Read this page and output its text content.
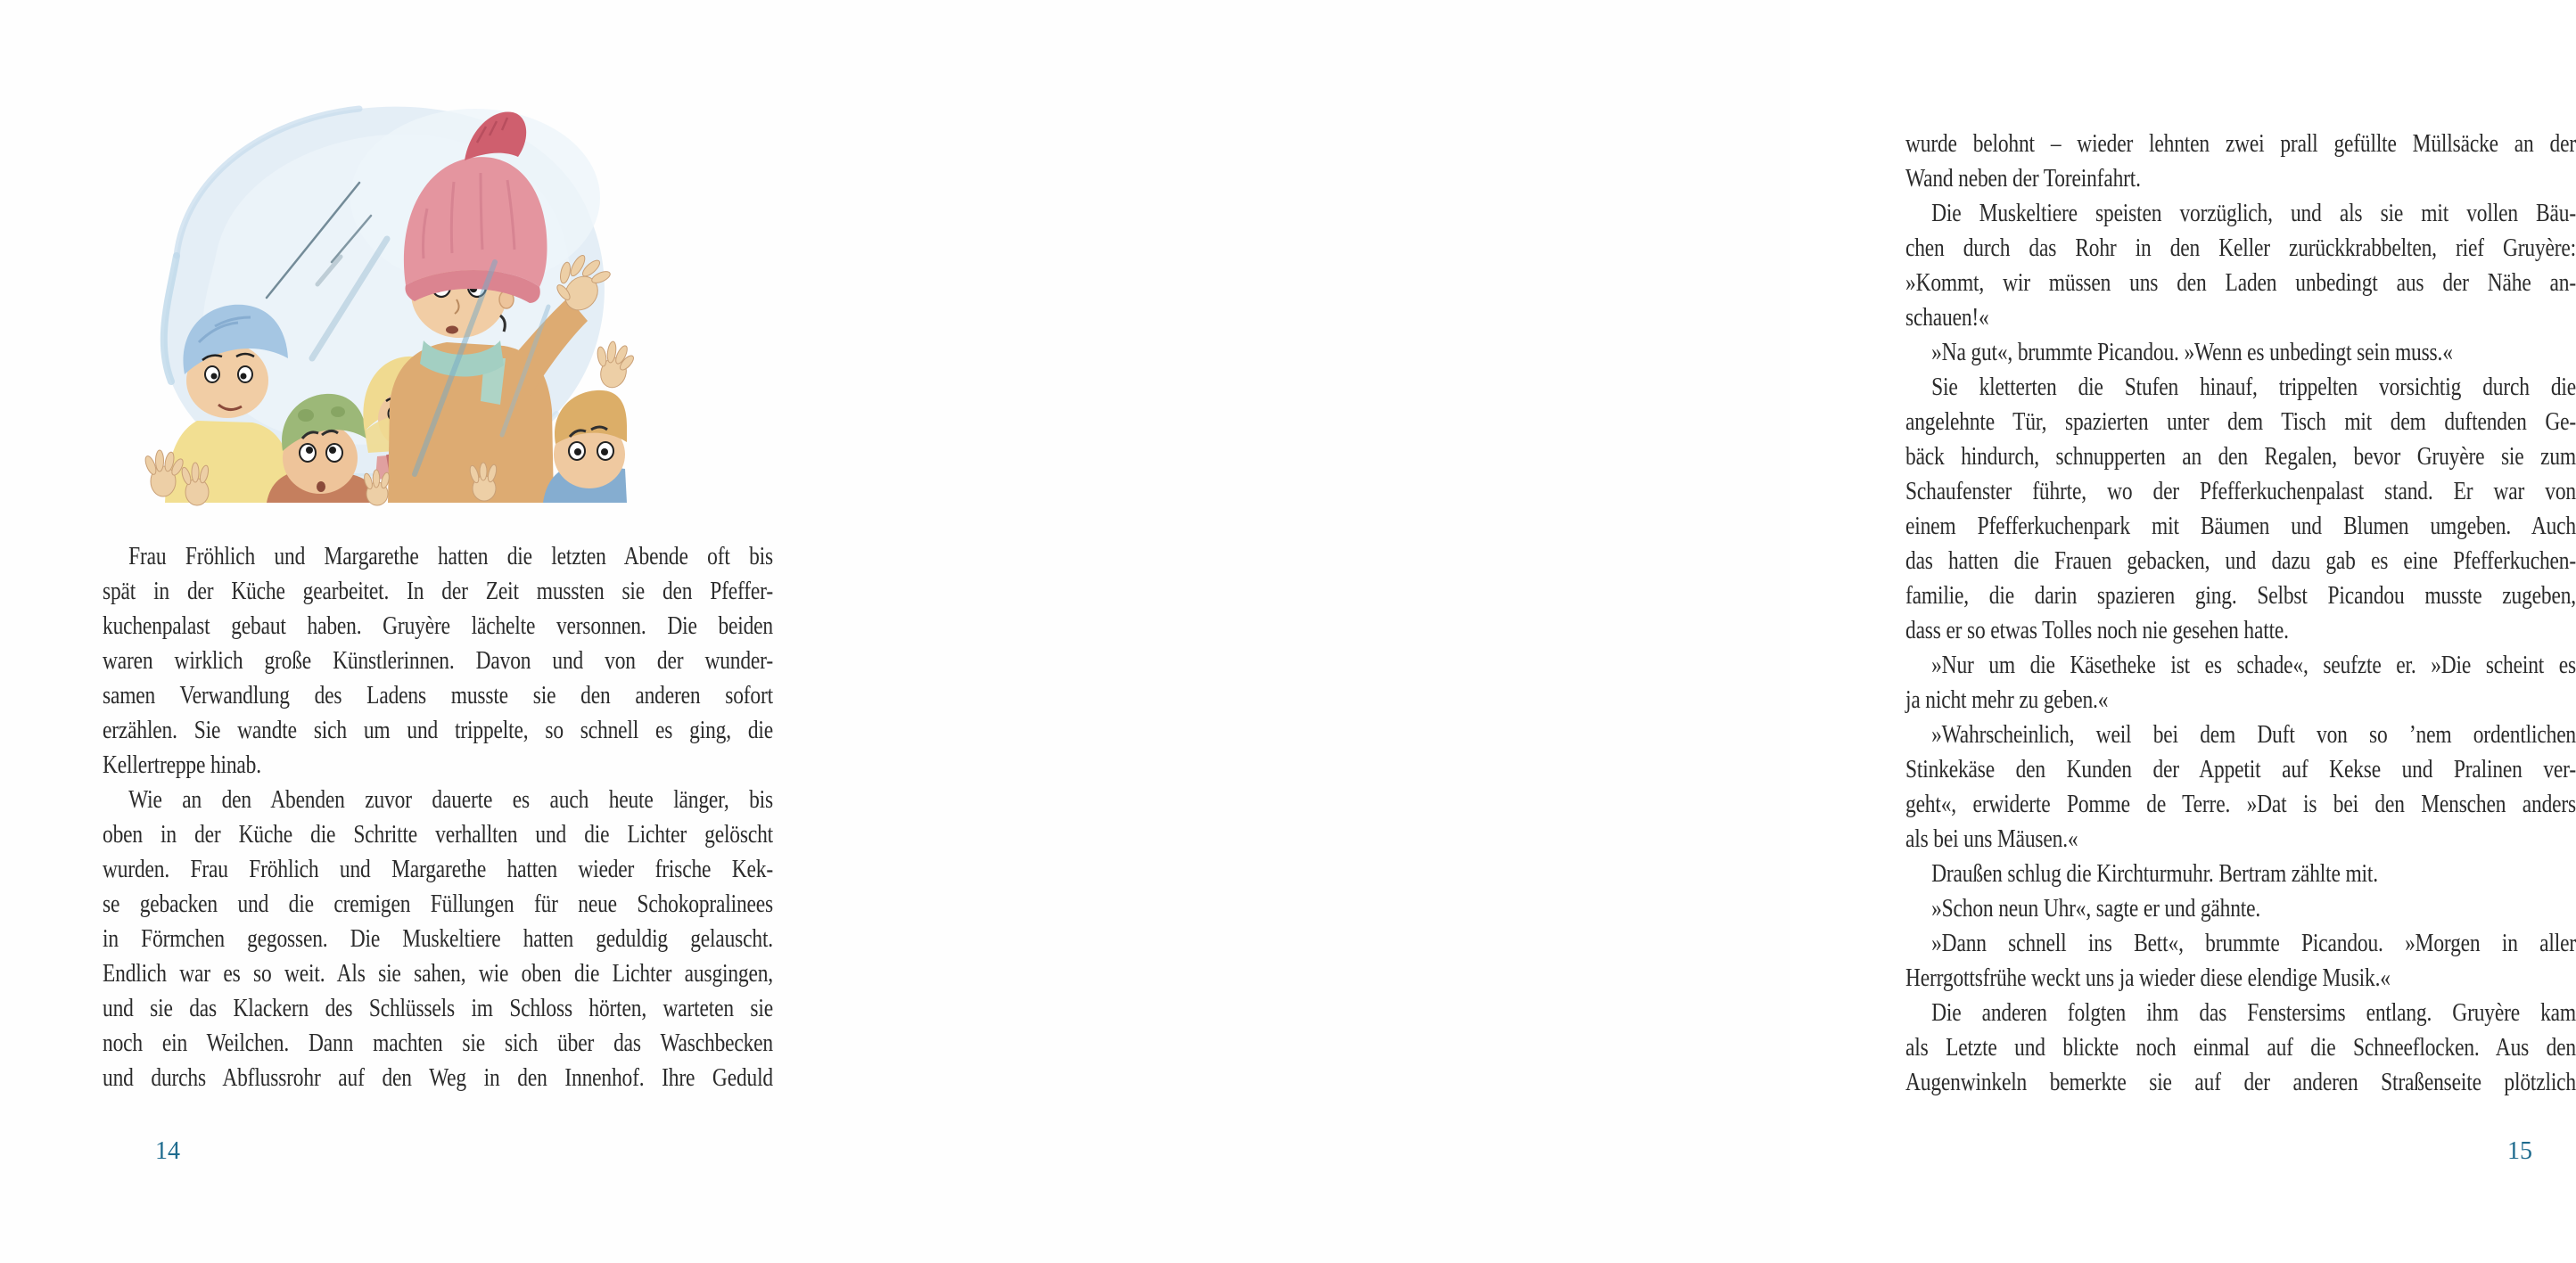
Frau Fröhlich und Margarethe hatten die letzten Abende oft bis
spät in der Küche gearbeitet. In der Zeit mussten sie den Pfeffer-
kuchenpalast gebaut haben. Gruyère lächelte versonnen. Die beiden
waren wirklich große Künstlerinnen. Davon und von der wunder-
samen Verwandlung des Ladens musste sie den anderen sofort
erzählen. Sie wandte sich um und trippelte, so schnell es ging, die
Kellertreppe hinab.
Wie an den Abenden zuvor dauerte es auch heute länger, bis
oben in der Küche die Schritte verhallten und die Lichter gelöscht
wurden. Frau Fröhlich und Margarethe hatten wieder frische Kek-
se gebacken und die cremigen Füllungen für neue Schokopralinees
in Förmchen gegossen. Die Muskeltiere hatten geduldig gelauscht.
Endlich war es so weit. Als sie sahen, wie oben die Lichter ausgingen,
und sie das Klackern des Schlüssels im Schloss hörten, warteten sie
noch ein Weilchen. Dann machten sie sich über das Waschbecken
und durchs Abflussrohr auf den Weg in den Innenhof. Ihre Geduld
14
wurde belohnt – wieder lehnten zwei prall gefüllte Müllsäcke an der
Wand neben der Toreinfahrt.
Die Muskeltiere speisten vorzüglich, und als sie mit vollen Bäu-
chen durch das Rohr in den Keller zurückkrabbelten, rief Gruyère:
»Kommt, wir müssen uns den Laden unbedingt aus der Nähe an-
schauen!«
»Na gut«, brummte Picandou. »Wenn es unbedingt sein muss.«
Sie kletterten die Stufen hinauf, trippelten vorsichtig durch die
angelehnte Tür, spazierten unter dem Tisch mit dem duftenden Ge-
bäck hindurch, schnupperten an den Regalen, bevor Gruyère sie zum
Schaufenster führte, wo der Pfefferkuchenpalast stand. Er war von
einem Pfefferkuchenpark mit Bäumen und Blumen umgeben. Auch
das hatten die Frauen gebacken, und dazu gab es eine Pfefferkuchen-
familie, die darin spazieren ging. Selbst Picandou musste zugeben,
dass er so etwas Tolles noch nie gesehen hatte.
»Nur um die Käsetheke ist es schade«, seufzte er. »Die scheint es
ja nicht mehr zu geben.«
»Wahrscheinlich, weil bei dem Duft von so ’nem ordentlichen
Stinkekäse den Kunden der Appetit auf Kekse und Pralinen ver-
geht«, erwiderte Pomme de Terre. »Dat is bei den Menschen anders
als bei uns Mäusen.«
Draußen schlug die Kirchturmuhr. Bertram zählte mit.
»Schon neun Uhr«, sagte er und gähnte.
»Dann schnell ins Bett«, brummte Picandou. »Morgen in aller
Herrgottsfrühe weckt uns ja wieder diese elendige Musik.«
Die anderen folgten ihm das Fenstersims entlang. Gruyère kam
als Letzte und blickte noch einmal auf die Schneeflocken. Aus den
Augenwinkeln bemerkte sie auf der anderen Straßenseite plötzlich
15
